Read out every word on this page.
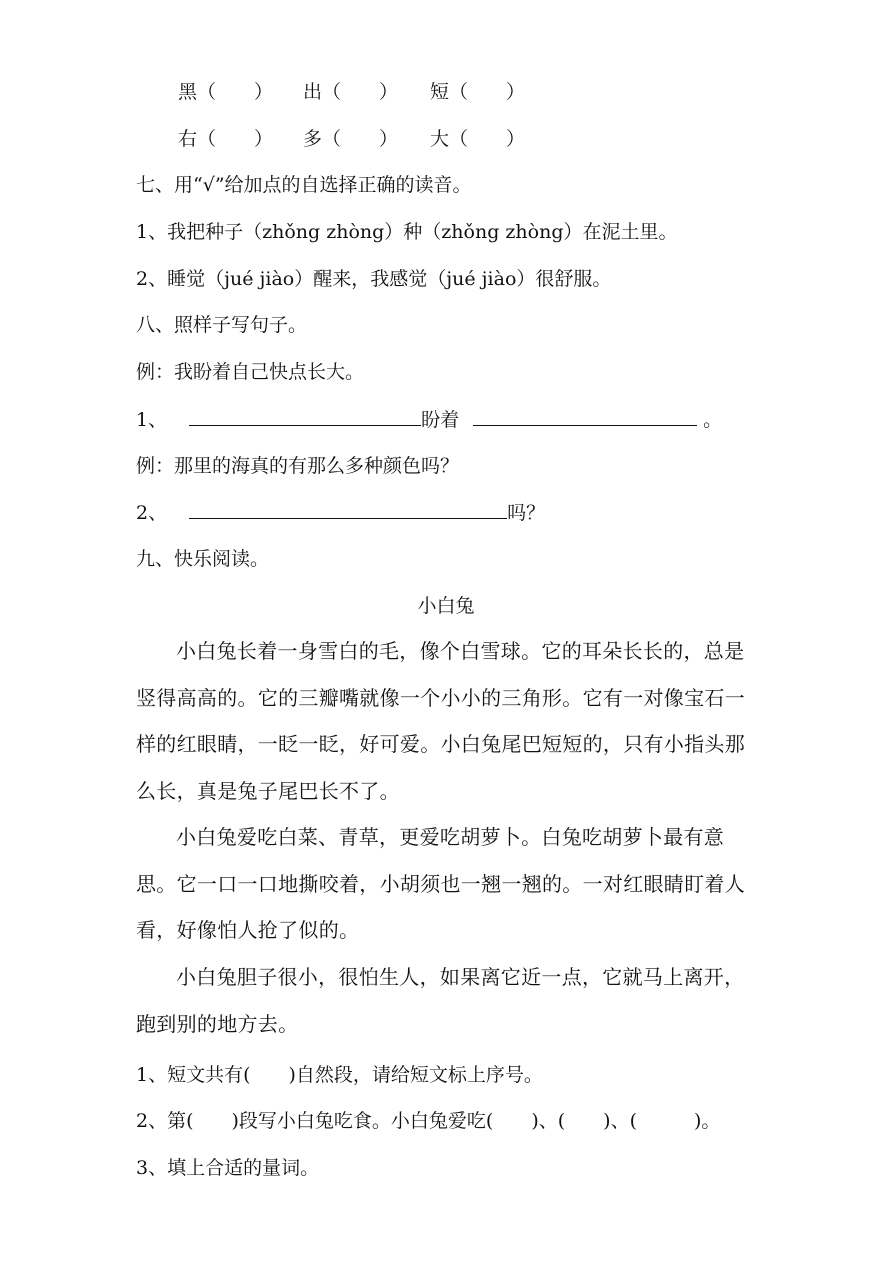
黑（　　） 出（　　） 短（　　）
右（　　） 多（　　） 大（　　）
七、用“√”给加点的自选择正确的读音。
1、我把种子（zhǒng zhòng）种（zhǒng zhòng）在泥土里。
2、睡觉（jué jiào）醒来，我感觉（jué jiào）很舒服。
八、照样子写句子。
例：我盼着自己快点长大。
1、	盼着	。
例：那里的海真的有那么多种颜色吗？
2、	吗？
九、快乐阅读。
小白兔
小白兔长着一身雪白的毛，像个白雪球。它的耳朵长长的，总是竖得高高的。它的三瓣嘴就像一个小小的三角形。它有一对像宝石一样的红眼睛，一眨一眨，好可爱。小白兔尾巴短短的，只有小指头那么长，真是兔子尾巴长不了。
小白兔爱吃白菜、青草，更爱吃胡萝卜。白兔吃胡萝卜最有意思。它一口一口地撕咬着，小胡须也一翘一翘的。一对红眼睛盯着人看，好像怕人抢了似的。
小白兔胆子很小，很怕生人，如果离它近一点，它就马上离开，跑到别的地方去。
1、短文共有(　　)自然段，请给短文标上序号。
2、第(　　)段写小白兔吃食。小白兔爱吃(　　)、(　　)、(　　　)。
3、填上合适的量词。
